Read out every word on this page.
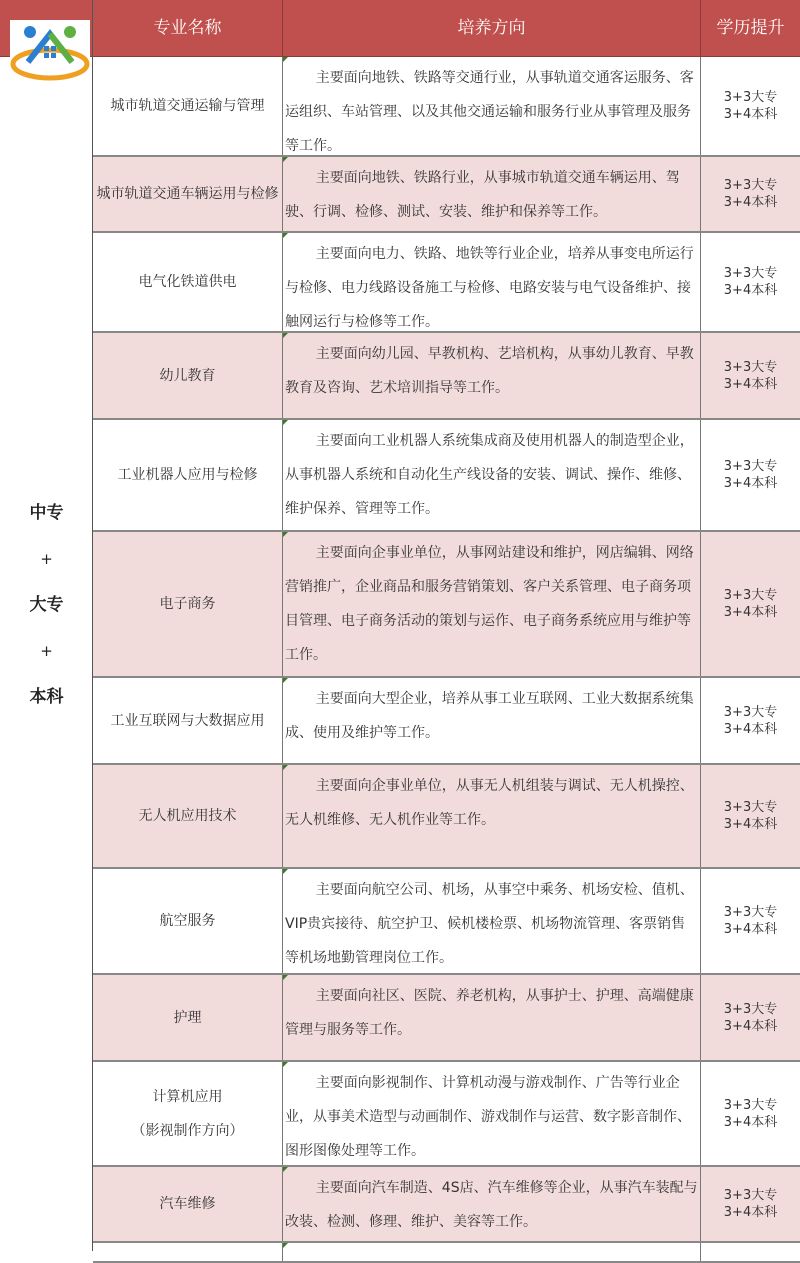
中专
+
大专
+
本科
专业名称	培养方向	学历提升
城市轨道交通运输与管理
主要面向地铁、铁路等交通行业，从事轨道交通客运服务、客运组织、车站管理、以及其他交通运输和服务行业从事管理及服务等工作。
3+3大专
3+4本科
城市轨道交通车辆运用与检修
主要面向地铁、铁路行业，从事城市轨道交通车辆运用、驾驶、行调、检修、测试、安装、维护和保养等工作。
3+3大专
3+4本科
电气化铁道供电
主要面向电力、铁路、地铁等行业企业，培养从事变电所运行与检修、电力线路设备施工与检修、电路安装与电气设备维护、接触网运行与检修等工作。
3+3大专
3+4本科
幼儿教育
主要面向幼儿园、早教机构、艺培机构，从事幼儿教育、早教教育及咨询、艺术培训指导等工作。
3+3大专
3+4本科
工业机器人应用与检修
主要面向工业机器人系统集成商及使用机器人的制造型企业，从事机器人系统和自动化生产线设备的安装、调试、操作、维修、维护保养、管理等工作。
3+3大专
3+4本科
电子商务
主要面向企事业单位，从事网站建设和维护，网店编辑、网络营销推广，企业商品和服务营销策划、客户关系管理、电子商务项目管理、电子商务活动的策划与运作、电子商务系统应用与维护等工作。
3+3大专
3+4本科
工业互联网与大数据应用
主要面向大型企业，培养从事工业互联网、工业大数据系统集成、使用及维护等工作。
3+3大专
3+4本科
无人机应用技术
主要面向企事业单位，从事无人机组装与调试、无人机操控、无人机维修、无人机作业等工作。
3+3大专
3+4本科
航空服务
主要面向航空公司、机场，从事空中乘务、机场安检、值机、VIP贵宾接待、航空护卫、候机楼检票、机场物流管理、客票销售等机场地勤管理岗位工作。
3+3大专
3+4本科
护理
主要面向社区、医院、养老机构，从事护士、护理、高端健康管理与服务等工作。
3+3大专
3+4本科
计算机应用
（影视制作方向）
主要面向影视制作、计算机动漫与游戏制作、广告等行业企业，从事美术造型与动画制作、游戏制作与运营、数字影音制作、图形图像处理等工作。
3+3大专
3+4本科
汽车维修
主要面向汽车制造、4S店、汽车维修等企业，从事汽车装配与改装、检测、修理、维护、美容等工作。
3+3大专
3+4本科
